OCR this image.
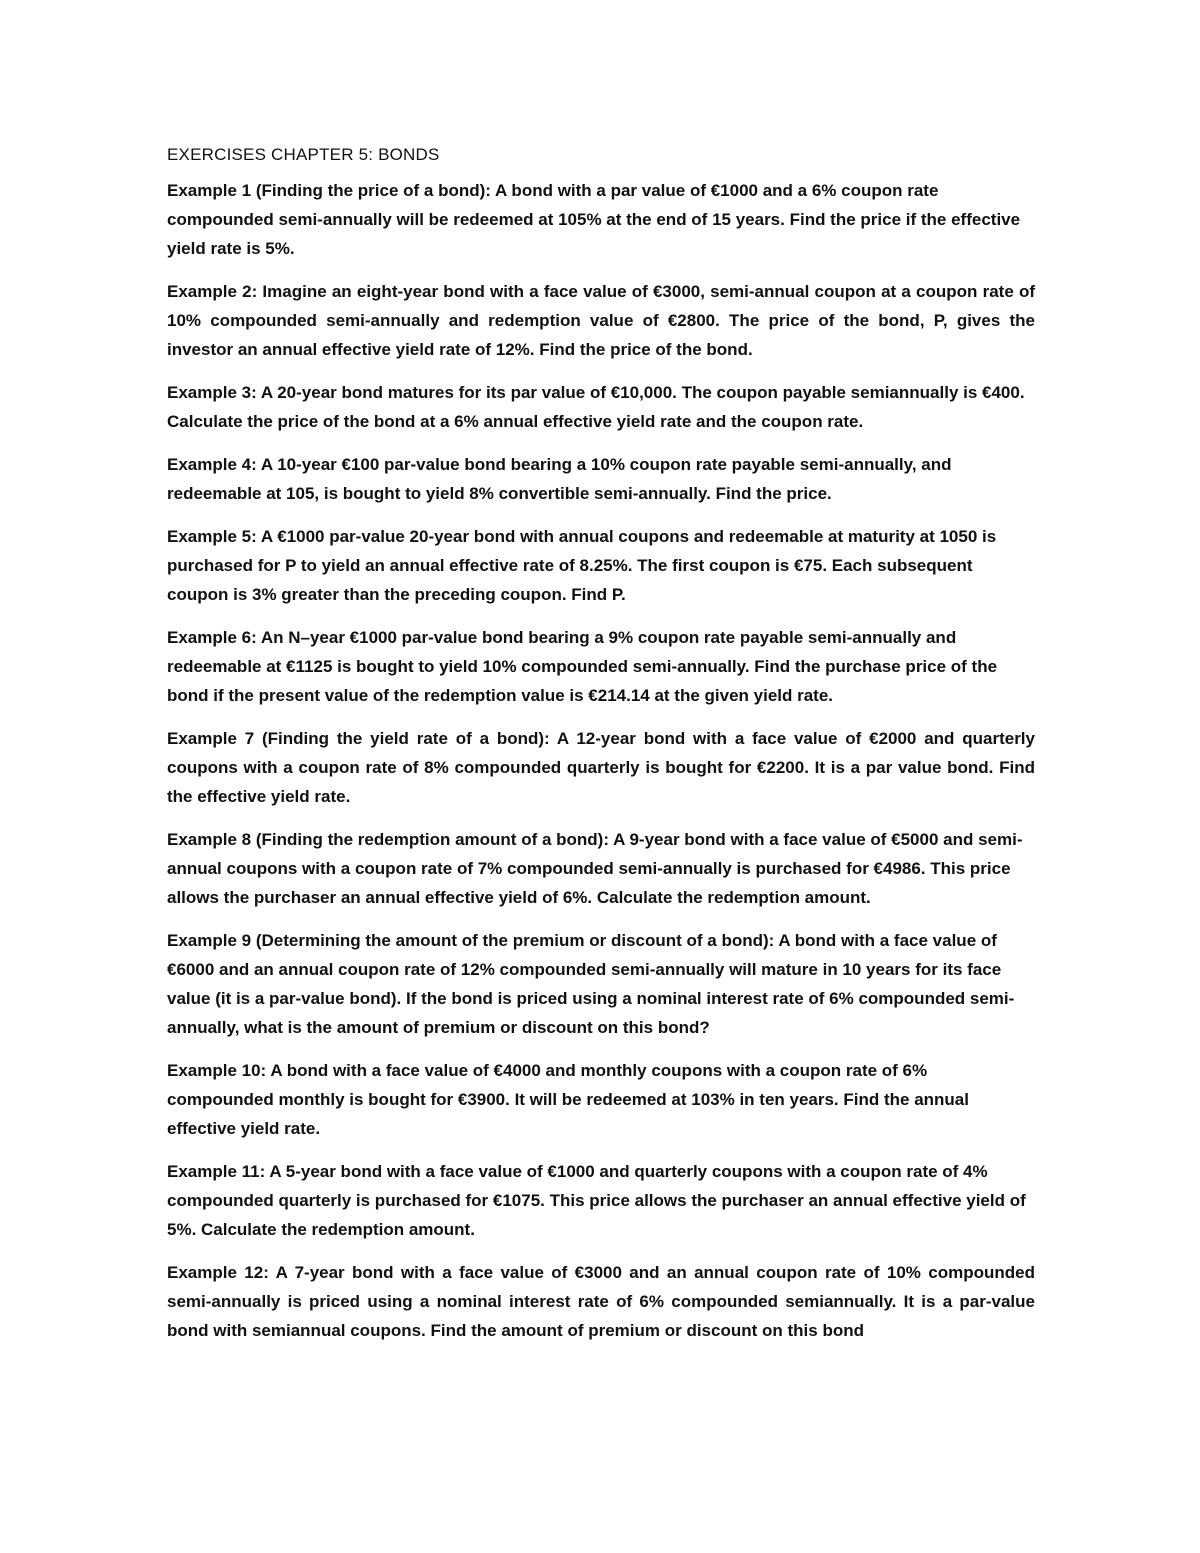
EXERCISES CHAPTER 5: BONDS

Example 1 (Finding the price of a bond): A bond with a par value of €1000 and a 6% coupon rate compounded semi-annually will be redeemed at 105% at the end of 15 years. Find the price if the effective yield rate is 5%.

Example 2: Imagine an eight-year bond with a face value of €3000, semi-annual coupon at a coupon rate of 10% compounded semi-annually and redemption value of €2800. The price of the bond, P, gives the investor an annual effective yield rate of 12%. Find the price of the bond.

Example 3: A 20-year bond matures for its par value of €10,000. The coupon payable semiannually is €400. Calculate the price of the bond at a 6% annual effective yield rate and the coupon rate.

Example 4: A 10-year €100 par-value bond bearing a 10% coupon rate payable semi-annually, and redeemable at 105, is bought to yield 8% convertible semi-annually. Find the price.

Example 5: A €1000 par-value 20-year bond with annual coupons and redeemable at maturity at 1050 is purchased for P to yield an annual effective rate of 8.25%. The first coupon is €75. Each subsequent coupon is 3% greater than the preceding coupon. Find P.

Example 6: An N–year €1000 par-value bond bearing a 9% coupon rate payable semi-annually and redeemable at €1125 is bought to yield 10% compounded semi-annually. Find the purchase price of the bond if the present value of the redemption value is €214.14 at the given yield rate.

Example 7 (Finding the yield rate of a bond): A 12-year bond with a face value of €2000 and quarterly coupons with a coupon rate of 8% compounded quarterly is bought for €2200. It is a par value bond. Find the effective yield rate.

Example 8 (Finding the redemption amount of a bond): A 9-year bond with a face value of €5000 and semi-annual coupons with a coupon rate of 7% compounded semi-annually is purchased for €4986. This price allows the purchaser an annual effective yield of 6%. Calculate the redemption amount.

Example 9 (Determining the amount of the premium or discount of a bond): A bond with a face value of €6000 and an annual coupon rate of 12% compounded semi-annually will mature in 10 years for its face value (it is a par-value bond). If the bond is priced using a nominal interest rate of 6% compounded semi-annually, what is the amount of premium or discount on this bond?

Example 10: A bond with a face value of €4000 and monthly coupons with a coupon rate of 6% compounded monthly is bought for €3900. It will be redeemed at 103% in ten years. Find the annual effective yield rate.

Example 11: A 5-year bond with a face value of €1000 and quarterly coupons with a coupon rate of 4% compounded quarterly is purchased for €1075. This price allows the purchaser an annual effective yield of 5%. Calculate the redemption amount.

Example 12: A 7-year bond with a face value of €3000 and an annual coupon rate of 10% compounded semi-annually is priced using a nominal interest rate of 6% compounded semiannually. It is a par-value bond with semiannual coupons. Find the amount of premium or discount on this bond
